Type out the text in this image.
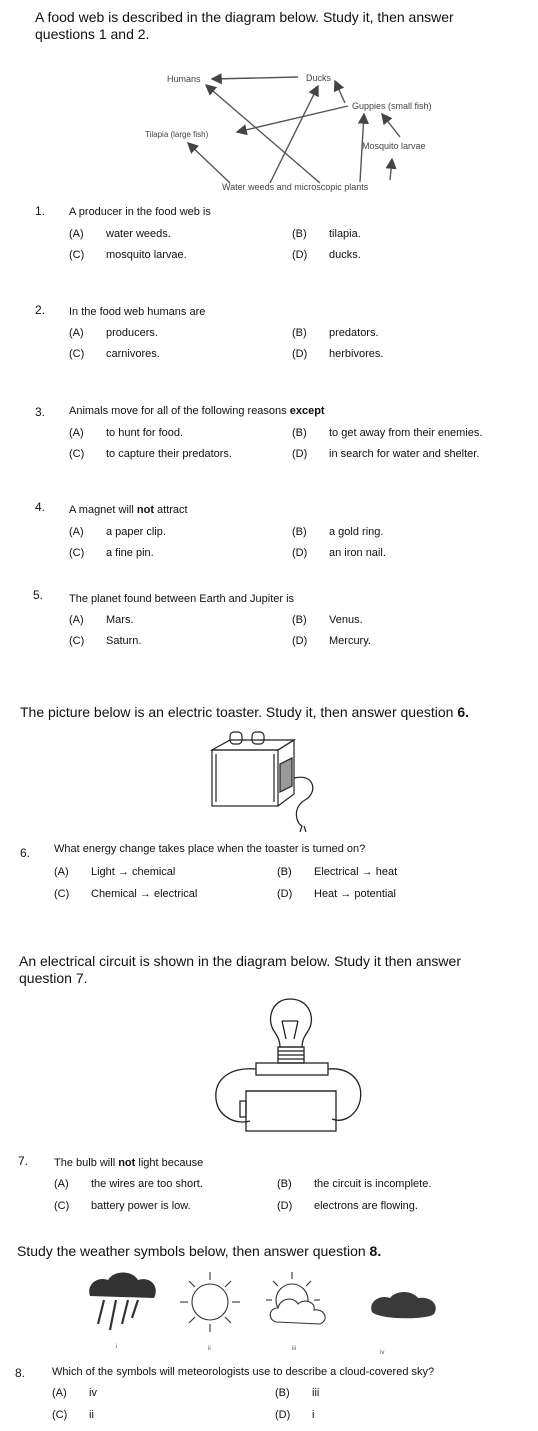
A food web is described in the diagram below. Study it, then answer
questions 1 and 2.
Humans	Ducks
Guppies (small fish)
Tilapia (large fish)
Mosquito larvae
Water weeds and microscopic plants
1. A producer in the food web is
(A) water weeds.	(B) tilapia.
(C) mosquito larvae.	(D) ducks.
2. In the food web humans are
(A) producers.	(B) predators.
(C) carnivores.	(D) herbivores.
3. Animals move for all of the following reasons except
(A) to hunt for food.	(B) to get away from their enemies.
(C) to capture their predators.	(D) in search for water and shelter.
4. A magnet will not attract
(A) a paper clip.	(B) a gold ring.
(C) a fine pin.	(D) an iron nail.
5. The planet found between Earth and Jupiter is
(A) Mars.	(B) Venus.
(C) Saturn.	(D) Mercury.
The picture below is an electric toaster. Study it, then answer question 6.
6. What energy change takes place when the toaster is turned on?
(A) Light → chemical	(B) Electrical → heat
(C) Chemical → electrical	(D) Heat → potential
An electrical circuit is shown in the diagram below. Study it then answer
question 7.
7. The bulb will not light because
(A) the wires are too short.	(B) the circuit is incomplete.
(C) battery power is low.	(D) electrons are flowing.
Study the weather symbols below, then answer question 8.
i	ii	iii
iv
8. Which of the symbols will meteorologists use to describe a cloud-covered sky?
(A) iv	(B) iii
(C) ii	(D) i
